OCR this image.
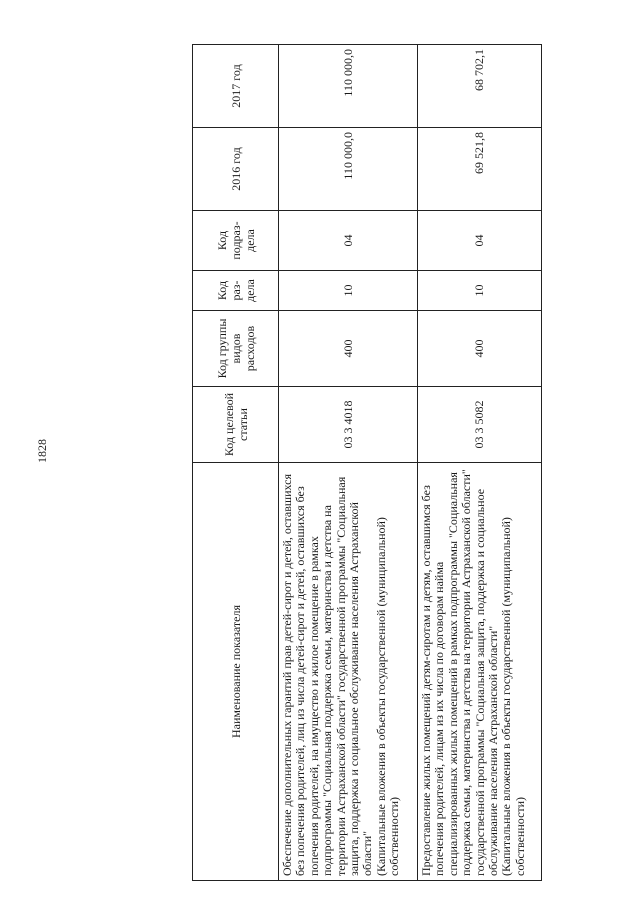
1828
Наименование показателя	Код целевой статьи	Код группы видов расходов	Код раз-дела	Код подраз-дела	2016 год	2017 год

Обеспечение дополнительных гарантий прав детей-сирот и детей, оставшихся без попечения родителей, лиц из числа детей-сирот и детей, оставшихся без попечения родителей, на имущество и жилое помещение в рамках подпрограммы "Социальная поддержка семьи, материнства и детства на территории Астраханской области" государственной программы "Социальная защита, поддержка и социальное обслуживание населения Астраханской области" (Капитальные вложения в объекты государственной (муниципальной) собственности)	03 3 4018	400	10	04	110 000,0	110 000,0

Предоставление жилых помещений детям-сиротам и детям, оставшимся без попечения родителей, лицам из их числа по договорам найма специализированных жилых помещений в рамках подпрограммы "Социальная поддержка семьи, материнства и детства на территории Астраханской области" государственной программы "Социальная защита, поддержка и социальное обслуживание населения Астраханской области" (Капитальные вложения в объекты государственной (муниципальной) собственности)	03 3 5082	400	10	04	69 521,8	68 702,1
